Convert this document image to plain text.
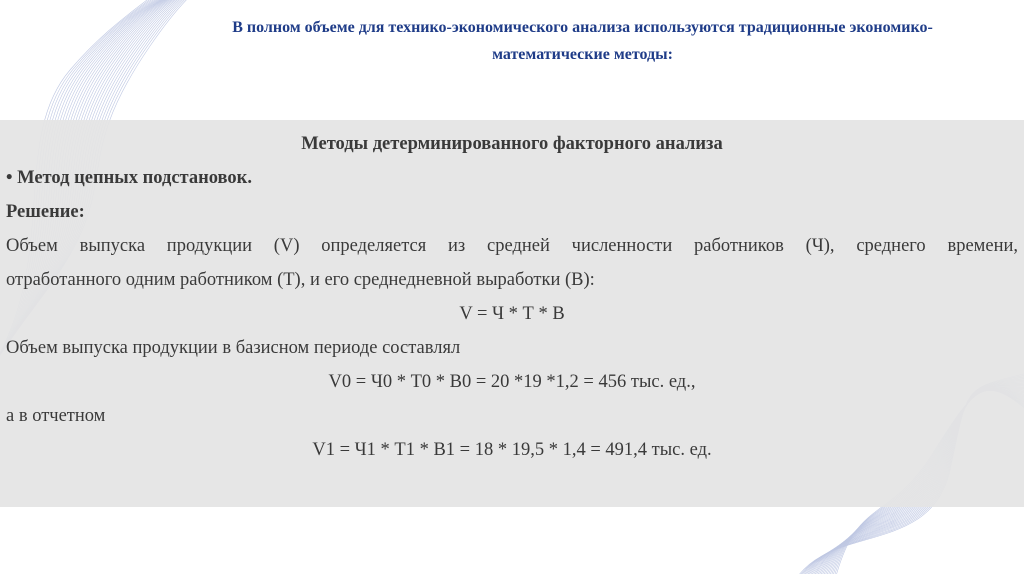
В полном объеме для технико-экономического анализа используются традиционные экономико-
математические методы:
Методы детерминированного факторного анализа
• Метод цепных подстановок.
Решение:
Объем выпуска продукции (V) определяется из средней численности работников (Ч), среднего времени,
отработанного одним работником (Т), и его среднедневной выработки (В):
V = Ч * Т * В
Объем выпуска продукции в базисном периоде составлял
V0 = Ч0 * Т0 * В0 = 20 *19 *1,2 = 456 тыс. ед.,
а в отчетном
V1 = Ч1 * Т1 * В1 = 18 * 19,5 * 1,4 = 491,4 тыс. ед.
